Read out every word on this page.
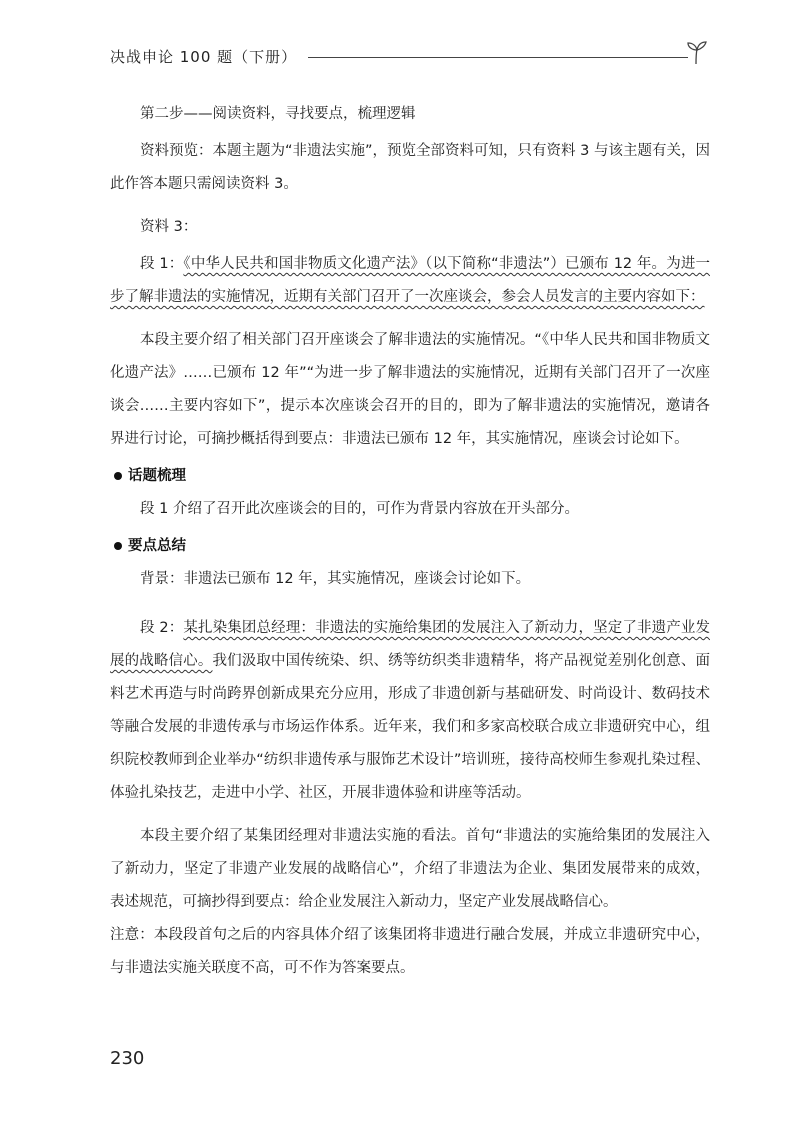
决战申论 100 题（下册）

第二步——阅读资料，寻找要点，梳理逻辑

资料预览：本题主题为“非遗法实施”，预览全部资料可知，只有资料 3 与该主题有关，因此作答本题只需阅读资料 3。

资料 3：

段 1：《中华人民共和国非物质文化遗产法》（以下简称“非遗法”）已颁布 12 年。为进一步了解非遗法的实施情况，近期有关部门召开了一次座谈会，参会人员发言的主要内容如下：

本段主要介绍了相关部门召开座谈会了解非遗法的实施情况。“《中华人民共和国非物质文化遗产法》……已颁布 12 年”“为进一步了解非遗法的实施情况，近期有关部门召开了一次座谈会……主要内容如下”，提示本次座谈会召开的目的，即为了解非遗法的实施情况，邀请各界进行讨论，可摘抄概括得到要点：非遗法已颁布 12 年，其实施情况，座谈会讨论如下。

话题梳理

段 1 介绍了召开此次座谈会的目的，可作为背景内容放在开头部分。

要点总结

背景：非遗法已颁布 12 年，其实施情况，座谈会讨论如下。

段 2：某扎染集团总经理：非遗法的实施给集团的发展注入了新动力，坚定了非遗产业发展的战略信心。我们汲取中国传统染、织、绣等纺织类非遗精华，将产品视觉差别化创意、面料艺术再造与时尚跨界创新成果充分应用，形成了非遗创新与基础研发、时尚设计、数码技术等融合发展的非遗传承与市场运作体系。近年来，我们和多家高校联合成立非遗研究中心，组织院校教师到企业举办“纺织非遗传承与服饰艺术设计”培训班，接待高校师生参观扎染过程、体验扎染技艺，走进中小学、社区，开展非遗体验和讲座等活动。

本段主要介绍了某集团经理对非遗法实施的看法。首句“非遗法的实施给集团的发展注入了新动力，坚定了非遗产业发展的战略信心”，介绍了非遗法为企业、集团发展带来的成效，表述规范，可摘抄得到要点：给企业发展注入新动力，坚定产业发展战略信心。

注意：本段段首句之后的内容具体介绍了该集团将非遗进行融合发展，并成立非遗研究中心，与非遗法实施关联度不高，可不作为答案要点。

230
